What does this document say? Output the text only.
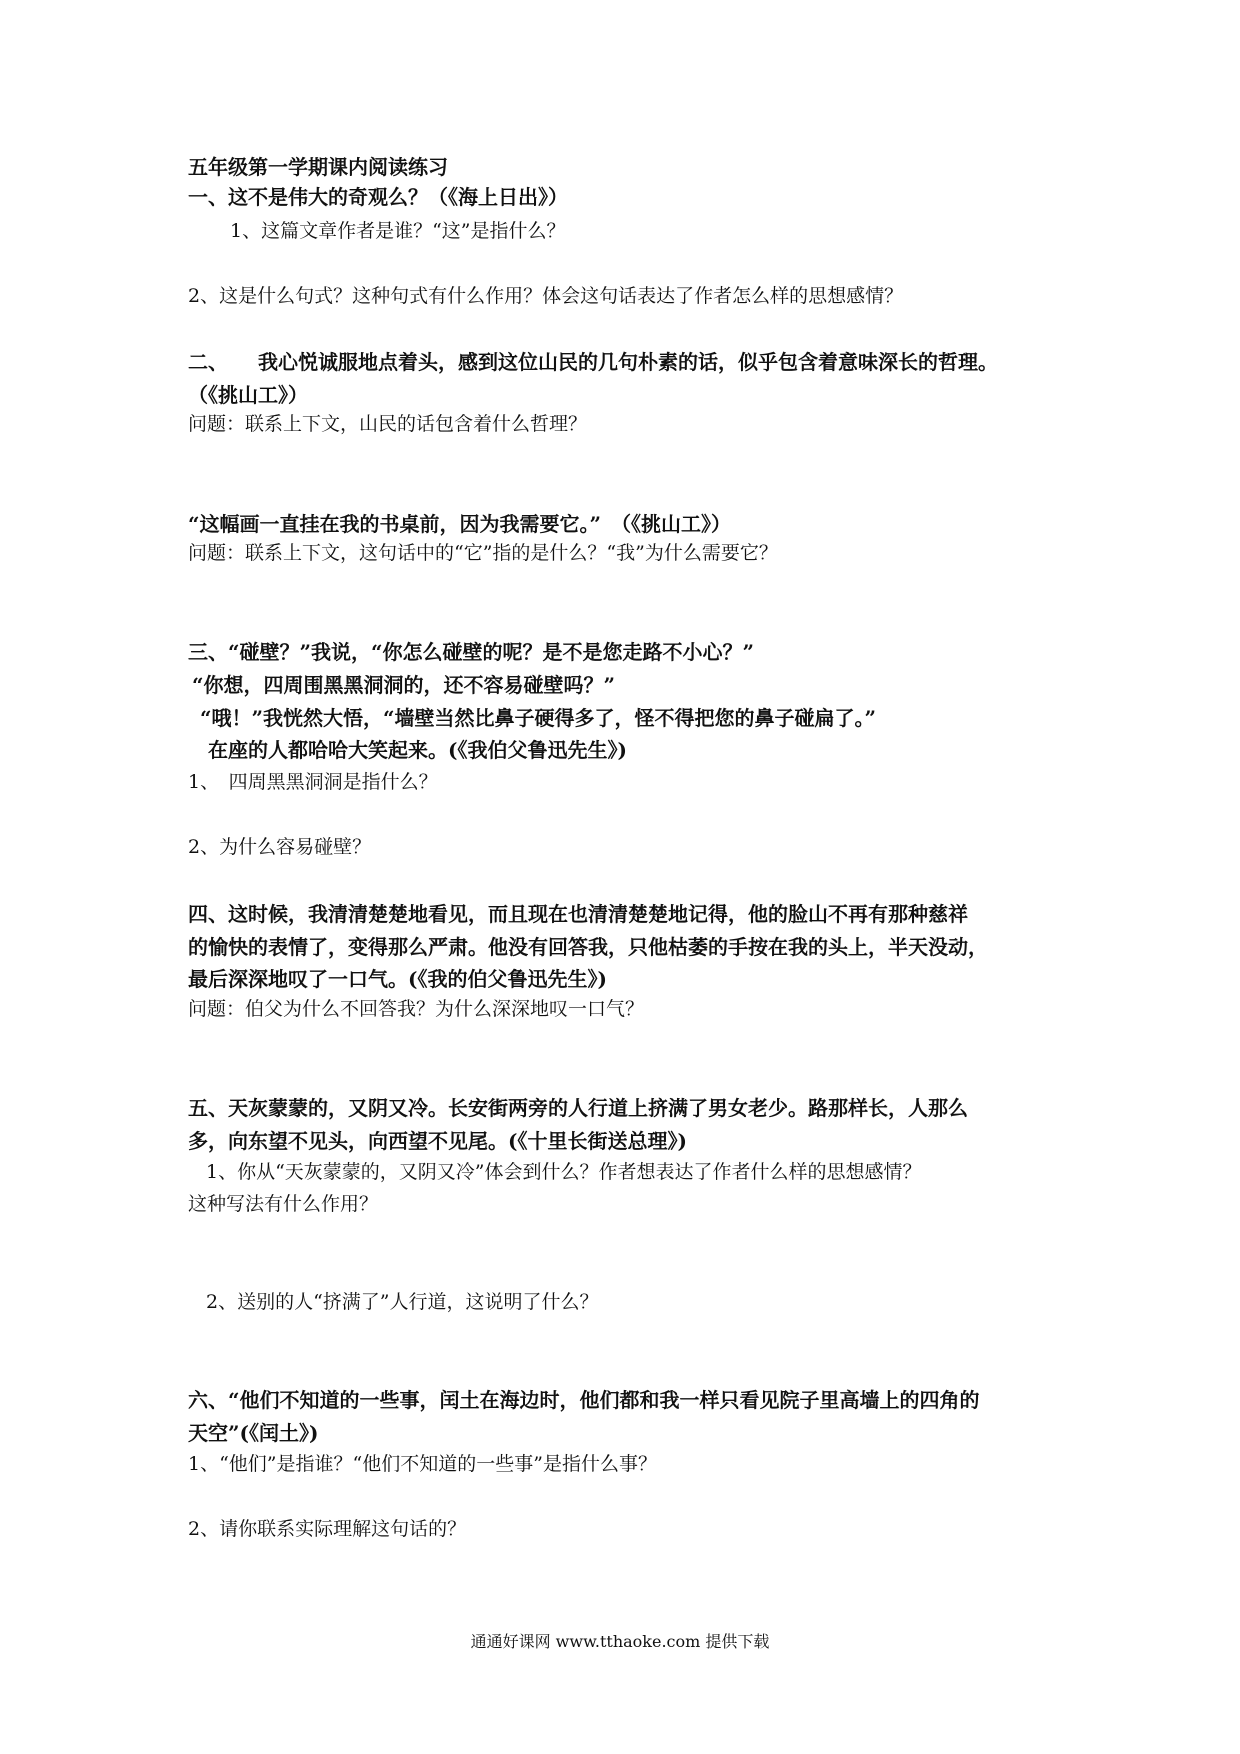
五年级第一学期课内阅读练习
一、这不是伟大的奇观么？（《海上日出》）
1、这篇文章作者是谁？“这”是指什么？
2、这是什么句式？这种句式有什么作用？体会这句话表达了作者怎么样的思想感情？
二、　　我心悦诚服地点着头，感到这位山民的几句朴素的话，似乎包含着意味深长的哲理。
（《挑山工》）
问题：联系上下文，山民的话包含着什么哲理？
“这幅画一直挂在我的书桌前，因为我需要它。”　（《挑山工》）
问题：联系上下文，这句话中的“它”指的是什么？“我”为什么需要它？
三、“碰壁？”我说，“你怎么碰壁的呢？是不是您走路不小心？”
“你想，四周围黑黑洞洞的，还不容易碰壁吗？”
“哦！”我恍然大悟，“墙壁当然比鼻子硬得多了，怪不得把您的鼻子碰扁了。”
在座的人都哈哈大笑起来。(《我伯父鲁迅先生》)
1、　四周黑黑洞洞是指什么？
2、为什么容易碰壁？
四、这时候，我清清楚楚地看见，而且现在也清清楚楚地记得，他的脸山不再有那种慈祥
的愉快的表情了，变得那么严肃。他没有回答我，只他枯萎的手按在我的头上，半天没动，
最后深深地叹了一口气。(《我的伯父鲁迅先生》)
问题：伯父为什么不回答我？为什么深深地叹一口气？
五、天灰蒙蒙的，又阴又冷。长安街两旁的人行道上挤满了男女老少。路那样长，人那么
多，向东望不见头，向西望不见尾。(《十里长街送总理》)
1、你从“天灰蒙蒙的，又阴又冷”体会到什么？作者想表达了作者什么样的思想感情？
这种写法有什么作用？
2、送别的人“挤满了”人行道，这说明了什么？
六、“他们不知道的一些事，闰土在海边时，他们都和我一样只看见院子里高墙上的四角的
天空”(《闰土》)
1、“他们”是指谁？“他们不知道的一些事”是指什么事？
2、请你联系实际理解这句话的？
通通好课网 www.tthaoke.com 提供下载
